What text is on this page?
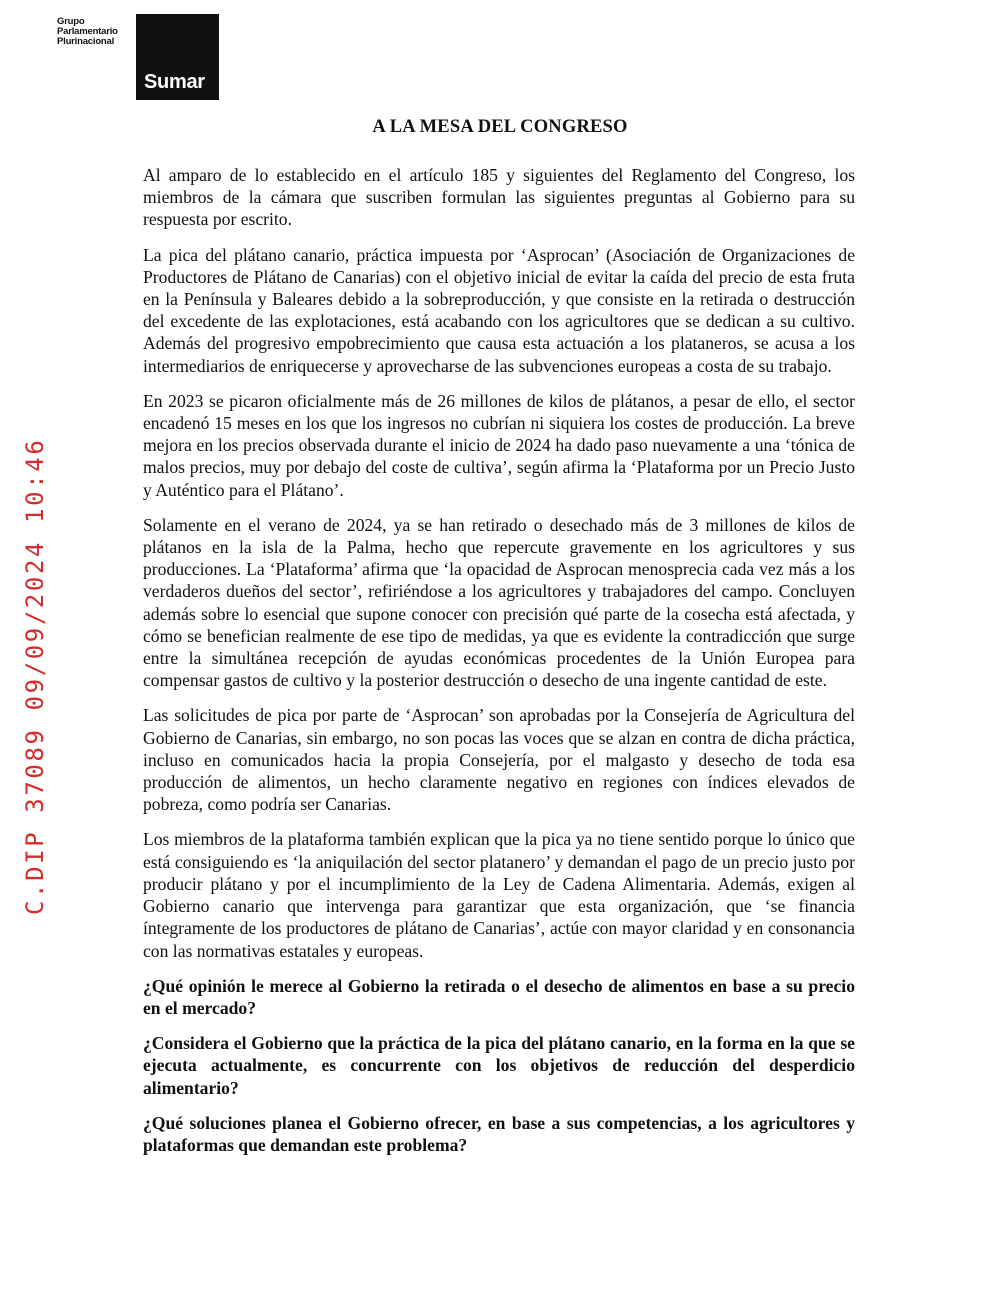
Grupo
Parlamentario
Plurinacional
Sumar
C.DIP 37089 09/09/2024 10:46
A LA MESA DEL CONGRESO

Al amparo de lo establecido en el artículo 185 y siguientes del Reglamento del Congreso, los miembros de la cámara que suscriben formulan las siguientes preguntas al Gobierno para su respuesta por escrito.

La pica del plátano canario, práctica impuesta por ‘Asprocan’ (Asociación de Organizaciones de Productores de Plátano de Canarias) con el objetivo inicial de evitar la caída del precio de esta fruta en la Península y Baleares debido a la sobreproducción, y que consiste en la retirada o destrucción del excedente de las explotaciones, está acabando con los agricultores que se dedican a su cultivo. Además del progresivo empobrecimiento que causa esta actuación a los plataneros, se acusa a los intermediarios de enriquecerse y aprovecharse de las subvenciones europeas a costa de su trabajo.

En 2023 se picaron oficialmente más de 26 millones de kilos de plátanos, a pesar de ello, el sector encadenó 15 meses en los que los ingresos no cubrían ni siquiera los costes de producción. La breve mejora en los precios observada durante el inicio de 2024 ha dado paso nuevamente a una ‘tónica de malos precios, muy por debajo del coste de cultiva’, según afirma la ‘Plataforma por un Precio Justo y Auténtico para el Plátano’.

Solamente en el verano de 2024, ya se han retirado o desechado más de 3 millones de kilos de plátanos en la isla de la Palma, hecho que repercute gravemente en los agricultores y sus producciones. La ‘Plataforma’ afirma que ‘la opacidad de Asprocan menosprecia cada vez más a los verdaderos dueños del sector’, refiriéndose a los agricultores y trabajadores del campo. Concluyen además sobre lo esencial que supone conocer con precisión qué parte de la cosecha está afectada, y cómo se benefician realmente de ese tipo de medidas, ya que es evidente la contradicción que surge entre la simultánea recepción de ayudas económicas procedentes de la Unión Europea para compensar gastos de cultivo y la posterior destrucción o desecho de una ingente cantidad de este.

Las solicitudes de pica por parte de ‘Asprocan’ son aprobadas por la Consejería de Agricultura del Gobierno de Canarias, sin embargo, no son pocas las voces que se alzan en contra de dicha práctica, incluso en comunicados hacia la propia Consejería, por el malgasto y desecho de toda esa producción de alimentos, un hecho claramente negativo en regiones con índices elevados de pobreza, como podría ser Canarias.

Los miembros de la plataforma también explican que la pica ya no tiene sentido porque lo único que está consiguiendo es ‘la aniquilación del sector platanero’ y demandan el pago de un precio justo por producir plátano y por el incumplimiento de la Ley de Cadena Alimentaria. Además, exigen al Gobierno canario que intervenga para garantizar que esta organización, que ‘se financia íntegramente de los productores de plátano de Canarias’, actúe con mayor claridad y en consonancia con las normativas estatales y europeas.

¿Qué opinión le merece al Gobierno la retirada o el desecho de alimentos en base a su precio en el mercado?

¿Considera el Gobierno que la práctica de la pica del plátano canario, en la forma en la que se ejecuta actualmente, es concurrente con los objetivos de reducción del desperdicio alimentario?

¿Qué soluciones planea el Gobierno ofrecer, en base a sus competencias, a los agricultores y plataformas que demandan este problema?
